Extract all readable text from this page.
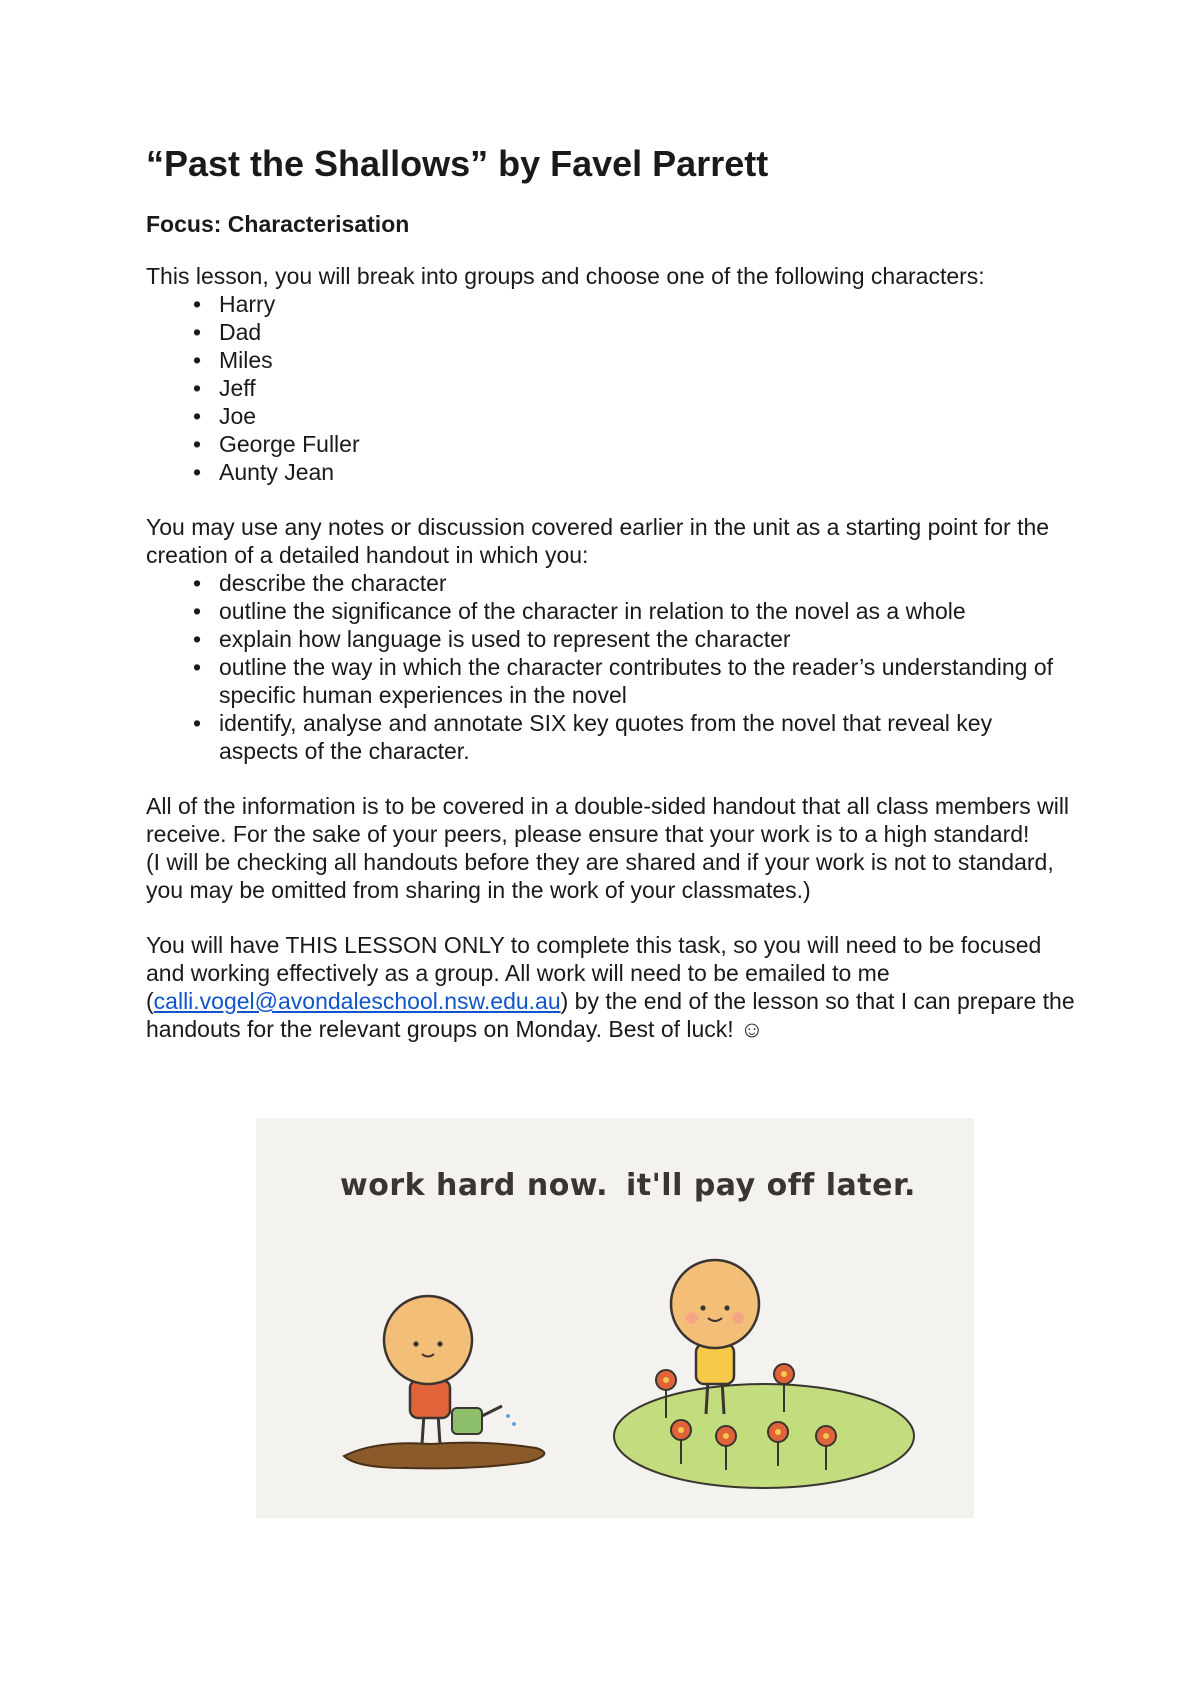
“Past the Shallows” by Favel Parrett
Focus: Characterisation

This lesson, you will break into groups and choose one of the following characters:

• Harry
• Dad
• Miles
• Jeff
• Joe
• George Fuller
• Aunty Jean

You may use any notes or discussion covered earlier in the unit as a starting point for the creation of a detailed handout in which you:

• describe the character
• outline the significance of the character in relation to the novel as a whole
• explain how language is used to represent the character
• outline the way in which the character contributes to the reader’s understanding of specific human experiences in the novel
• identify, analyse and annotate SIX key quotes from the novel that reveal key aspects of the character.

All of the information is to be covered in a double-sided handout that all class members will receive. For the sake of your peers, please ensure that your work is to a high standard!

(I will be checking all handouts before they are shared and if your work is not to standard, you may be omitted from sharing in the work of your classmates.)

You will have THIS LESSON ONLY to complete this task, so you will need to be focused and working effectively as a group. All work will need to be emailed to me (calli.vogel@avondaleschool.nsw.edu.au) by the end of the lesson so that I can prepare the handouts for the relevant groups on Monday. Best of luck! ☺

work hard now. it'll pay off later.
